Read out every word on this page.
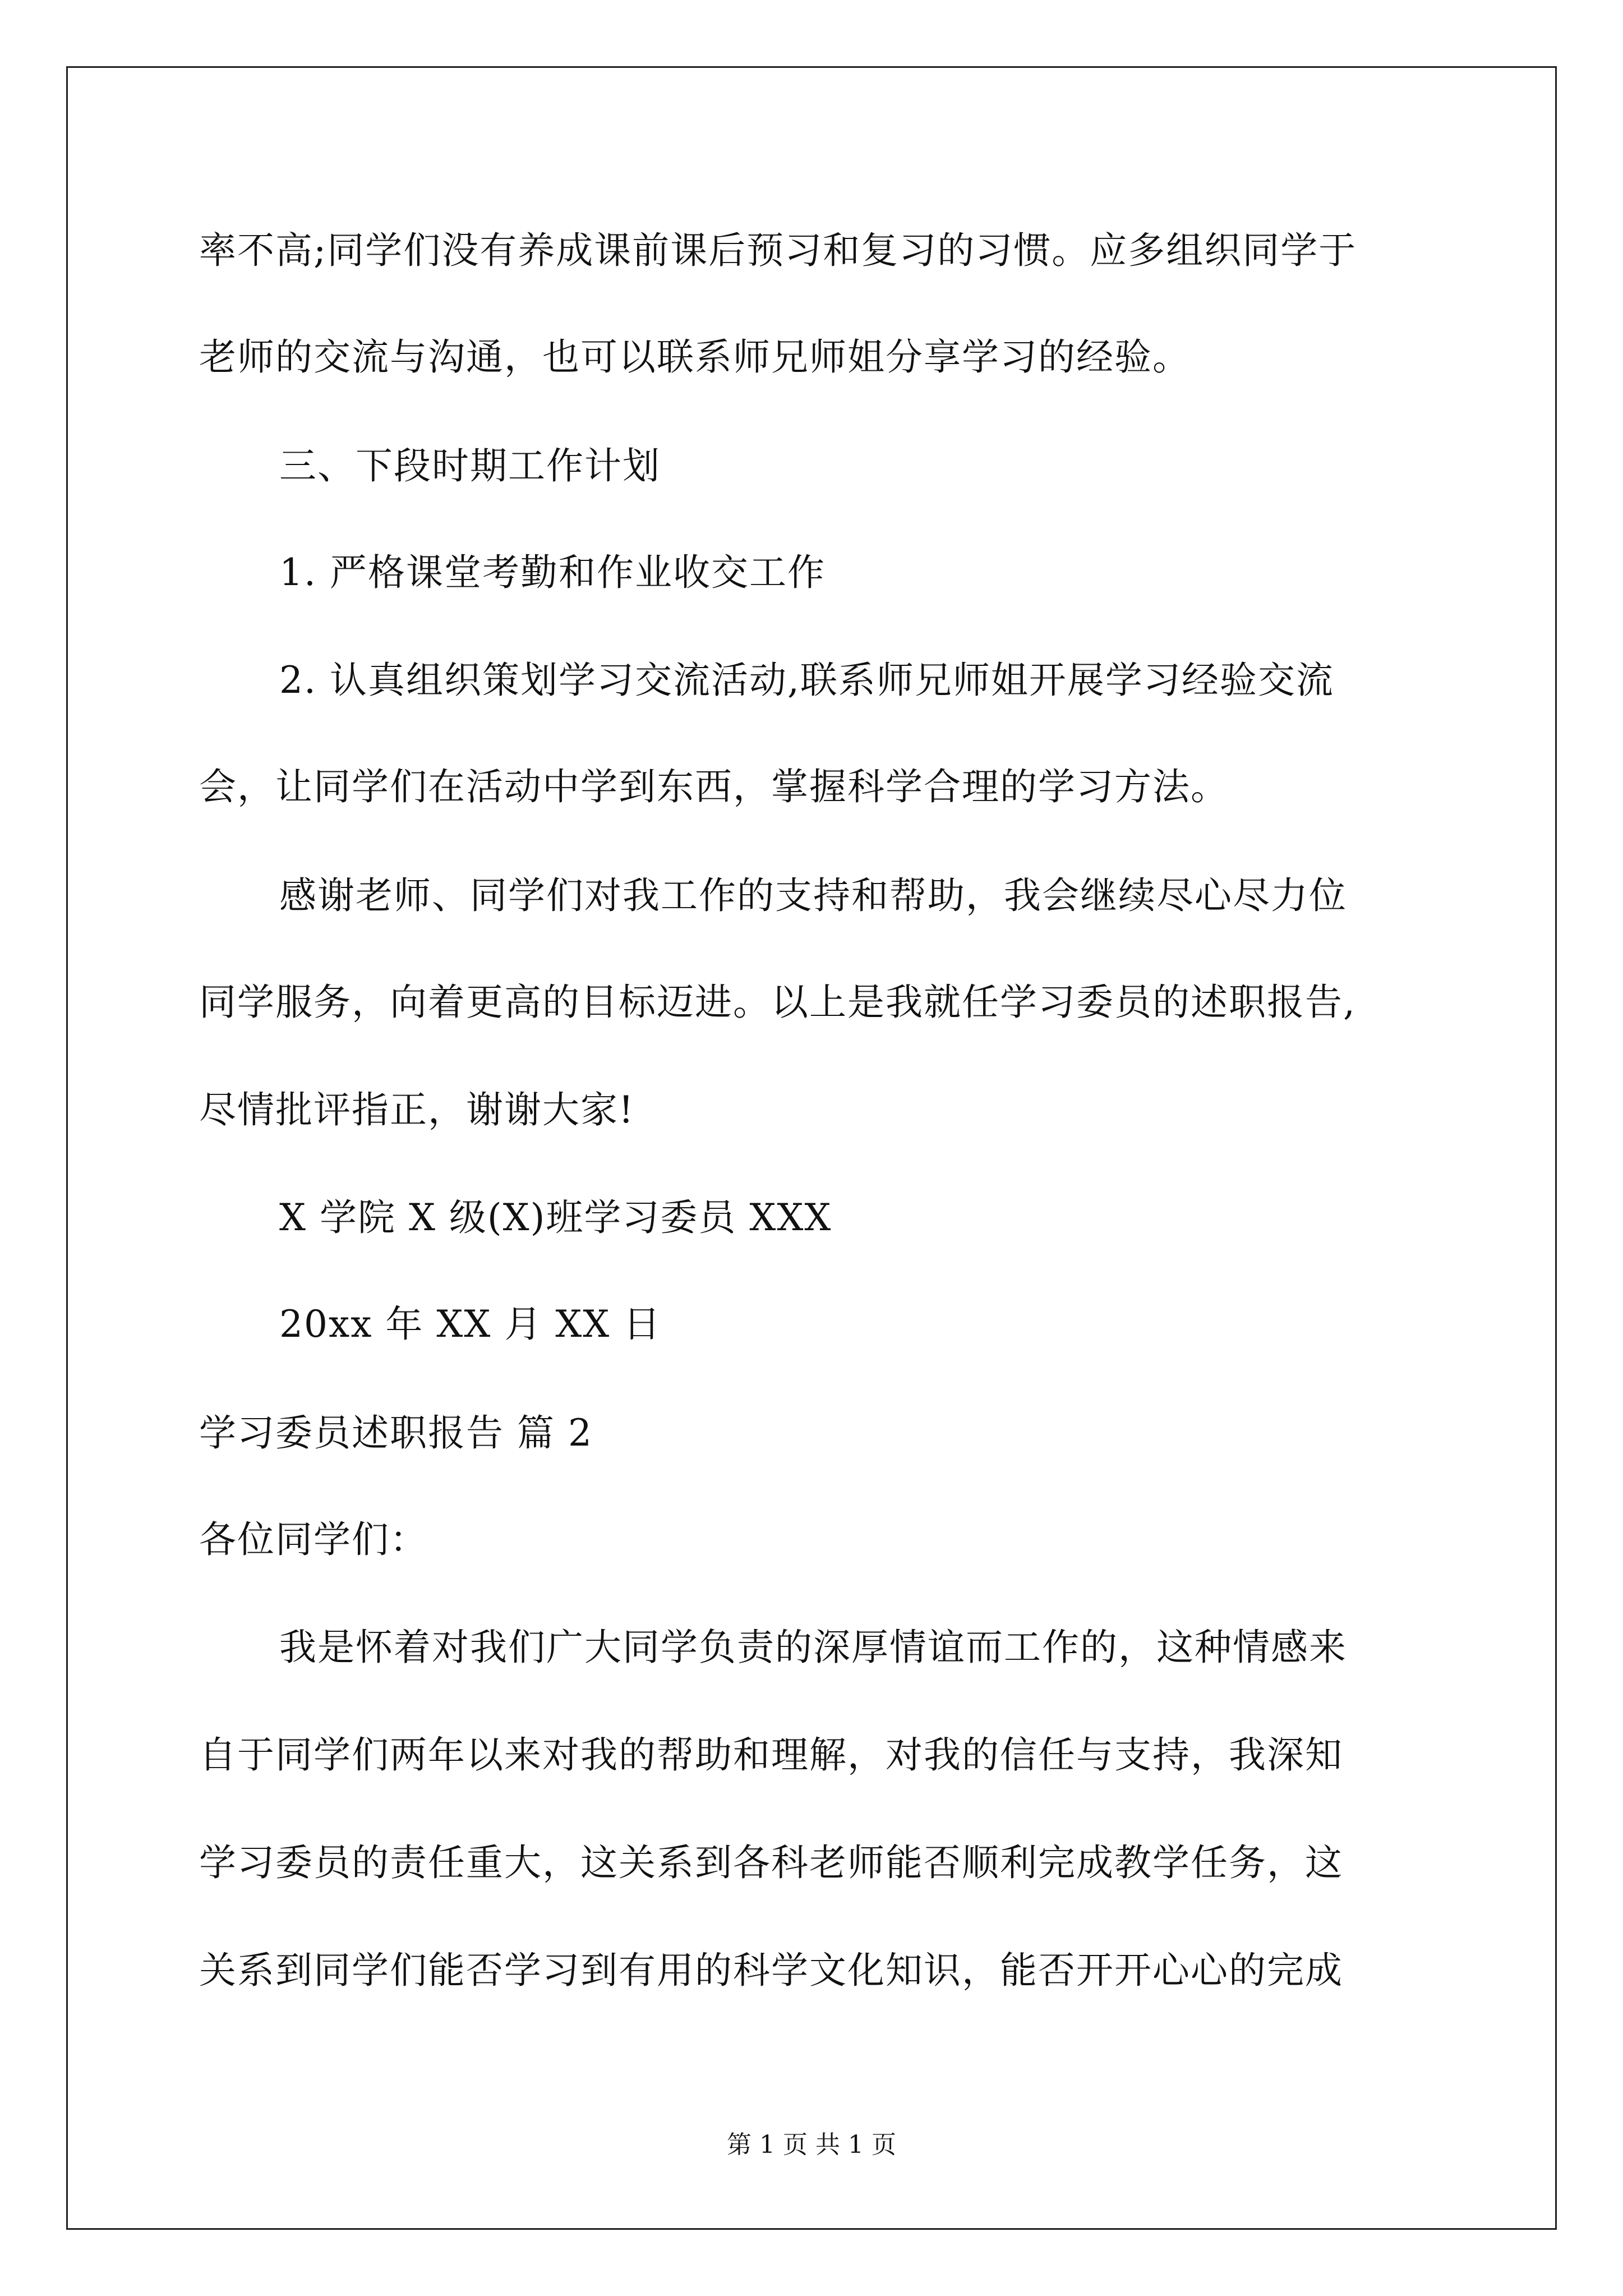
率不高;同学们没有养成课前课后预习和复习的习惯。应多组织同学于

老师的交流与沟通，也可以联系师兄师姐分享学习的经验。

三、下段时期工作计划

1. 严格课堂考勤和作业收交工作

2. 认真组织策划学习交流活动,联系师兄师姐开展学习经验交流

会，让同学们在活动中学到东西，掌握科学合理的学习方法。

感谢老师、同学们对我工作的支持和帮助，我会继续尽心尽力位

同学服务，向着更高的目标迈进。以上是我就任学习委员的述职报告,

尽情批评指正，谢谢大家!

X 学院 X 级(X)班学习委员 XXX

20xx 年 XX 月 XX 日

学习委员述职报告 篇 2

各位同学们：

我是怀着对我们广大同学负责的深厚情谊而工作的，这种情感来

自于同学们两年以来对我的帮助和理解，对我的信任与支持，我深知

学习委员的责任重大，这关系到各科老师能否顺利完成教学任务，这

关系到同学们能否学习到有用的科学文化知识，能否开开心心的完成

第 1 页 共 1 页
